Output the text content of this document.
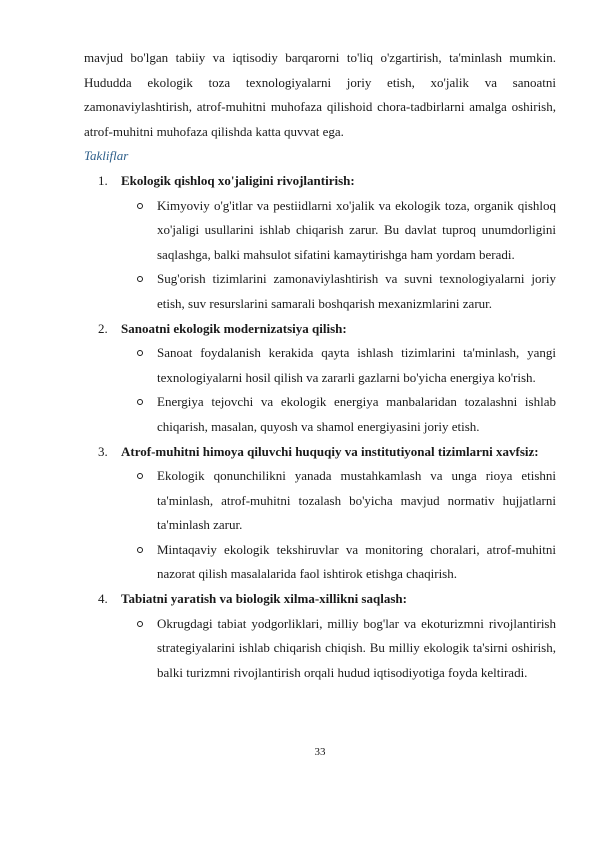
mavjud bo'lgan tabiiy va iqtisodiy barqarorni to'liq o'zgartirish, ta'minlash mumkin. Hududda ekologik toza texnologiyalarni joriy etish, xo'jalik va sanoatni zamonaviylashtirish, atrof-muhitni muhofaza qilishoid chora-tadbirlarni amalga oshirish, atrof-muhitni muhofaza qilishda katta quvvat ega.

Takliflar

1. Ekologik qishloq xo'jaligini rivojlantirish:

Kimyoviy o'g'itlar va pestiidlarni xo'jalik va ekologik toza, organik qishloq xo'jaligi usullarini ishlab chiqarish zarur. Bu davlat tuproq unumdorligini saqlashga, balki mahsulot sifatini kamaytirishga ham yordam beradi.

Sug'orish tizimlarini zamonaviylashtirish va suvni texnologiyalarni joriy etish, suv resurslarini samarali boshqarish mexanizmlarini zarur.

2. Sanoatni ekologik modernizatsiya qilish:

Sanoat foydalanish kerakida qayta ishlash tizimlarini ta'minlash, yangi texnologiyalarni hosil qilish va zararli gazlarni bo'yicha energiya ko'rish.

Energiya tejovchi va ekologik energiya manbalaridan tozalashni ishlab chiqarish, masalan, quyosh va shamol energiyasini joriy etish.

3. Atrof-muhitni himoya qiluvchi huquqiy va institutiyonal tizimlarni xavfsiz:

Ekologik qonunchilikni yanada mustahkamlash va unga rioya etishni ta'minlash, atrof-muhitni tozalash bo'yicha mavjud normativ hujjatlarni ta'minlash zarur.

Mintaqaviy ekologik tekshiruvlar va monitoring choralari, atrof-muhitni nazorat qilish masalalarida faol ishtirok etishga chaqirish.

4. Tabiatni yaratish va biologik xilma-xillikni saqlash:

Okrugdagi tabiat yodgorliklari, milliy bog'lar va ekoturizmni rivojlantirish strategiyalarini ishlab chiqarish chiqish. Bu milliy ekologik ta'sirni oshirish, balki turizmni rivojlantirish orqali hudud iqtisodiyotiga foyda keltiradi.

33
